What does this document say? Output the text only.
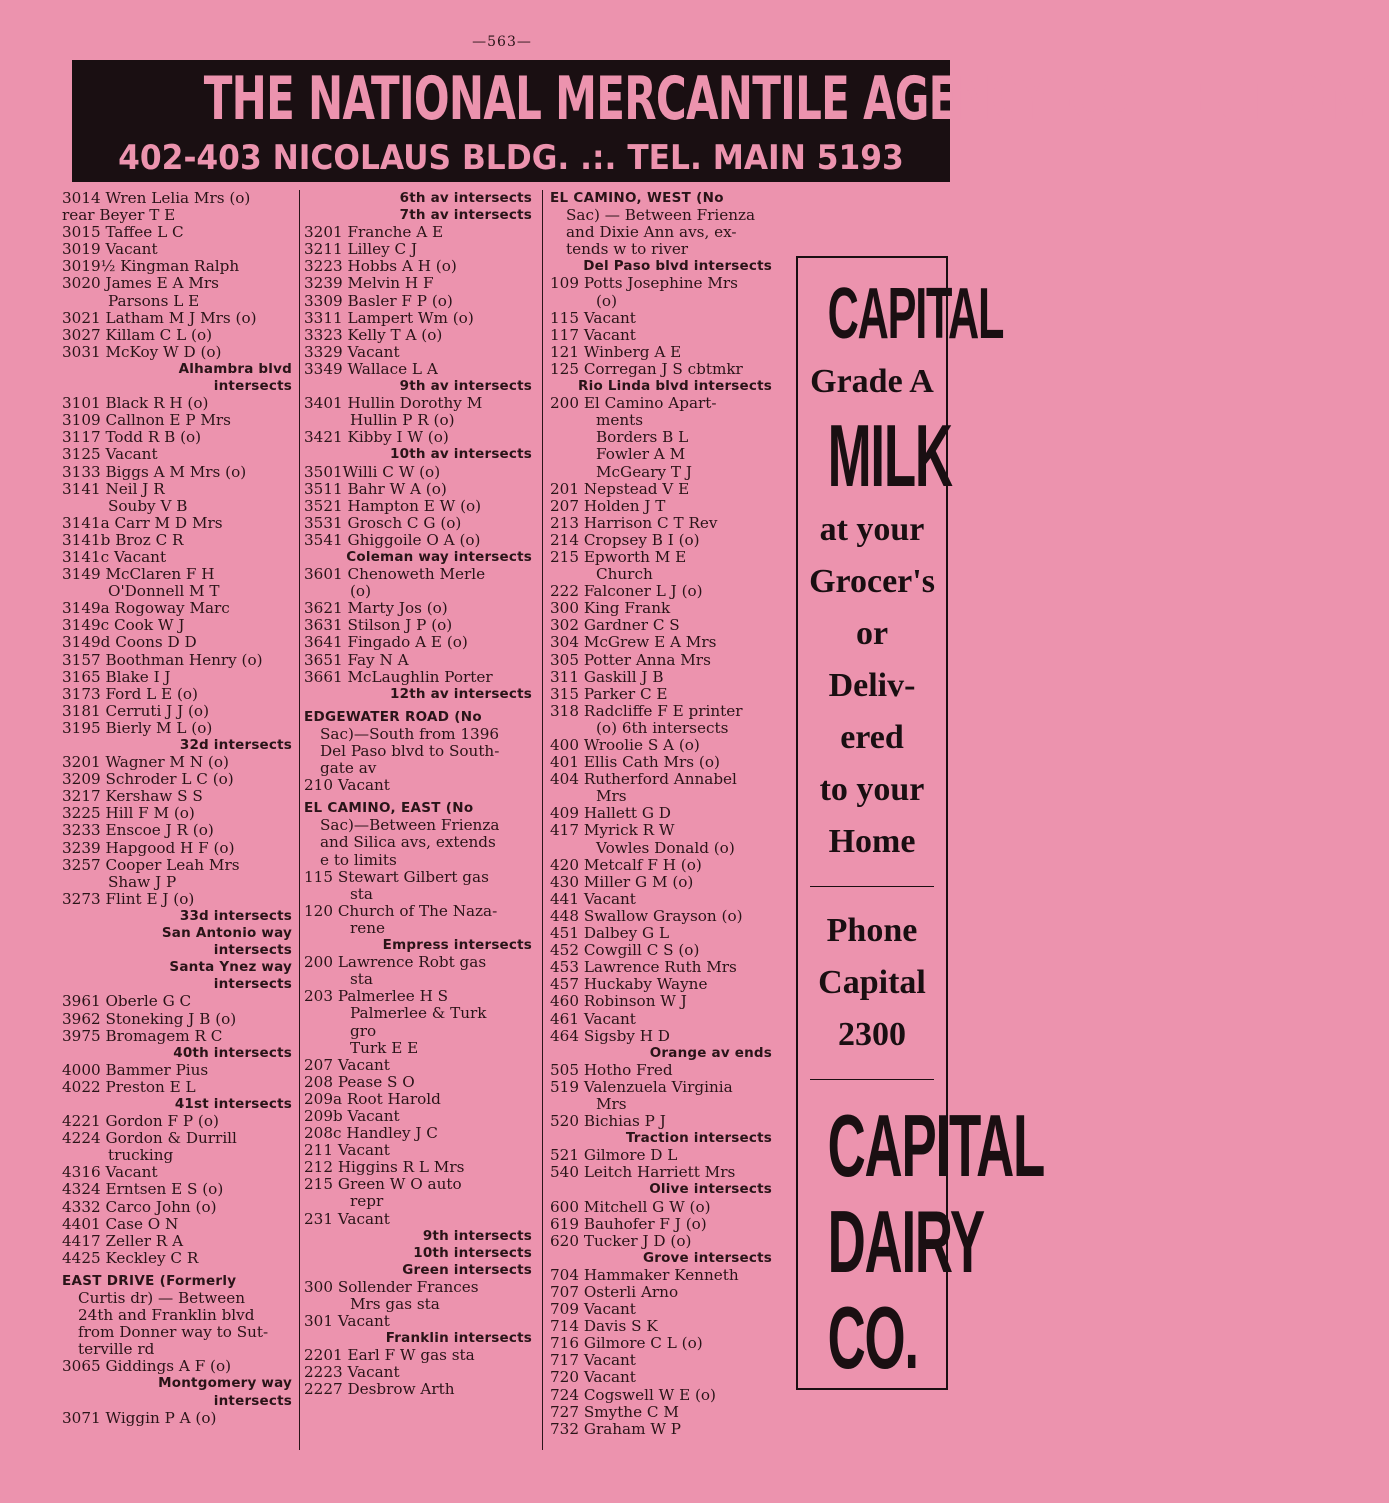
—563—
THE NATIONAL MERCANTILE AGENCY–COLLECTIONS
402-403 NICOLAUS BLDG. .:. TEL. MAIN 5193
3014 Wren Lelia Mrs (o)
rear Beyer T E
3015 Taffee L C
3019 Vacant
3019½ Kingman Ralph
3020 James E A Mrs
Parsons L E
3021 Latham M J Mrs (o)
3027 Killam C L (o)
3031 McKoy W D (o)
Alhambra blvd
intersects
3101 Black R H (o)
3109 Callnon E P Mrs
3117 Todd R B (o)
3125 Vacant
3133 Biggs A M Mrs (o)
3141 Neil J R
Souby V B
3141a Carr M D Mrs
3141b Broz C R
3141c Vacant
3149 McClaren F H
O'Donnell M T
3149a Rogoway Marc
3149c Cook W J
3149d Coons D D
3157 Boothman Henry (o)
3165 Blake I J
3173 Ford L E (o)
3181 Cerruti J J (o)
3195 Bierly M L (o)
32d intersects
3201 Wagner M N (o)
3209 Schroder L C (o)
3217 Kershaw S S
3225 Hill F M (o)
3233 Enscoe J R (o)
3239 Hapgood H F (o)
3257 Cooper Leah Mrs
Shaw J P
3273 Flint E J (o)
33d intersects
San Antonio way
intersects
Santa Ynez way
intersects
3961 Oberle G C
3962 Stoneking J B (o)
3975 Bromagem R C
40th intersects
4000 Bammer Pius
4022 Preston E L
41st intersects
4221 Gordon F P (o)
4224 Gordon & Durrill
trucking
4316 Vacant
4324 Erntsen E S (o)
4332 Carco John (o)
4401 Case O N
4417 Zeller R A
4425 Keckley C R
EAST DRIVE (Formerly
Curtis dr) — Between
24th and Franklin blvd
from Donner way to Sut-
terville rd
3065 Giddings A F (o)
Montgomery way
intersects
3071 Wiggin P A (o)
6th av intersects
7th av intersects
3201 Franche A E
3211 Lilley C J
3223 Hobbs A H (o)
3239 Melvin H F
3309 Basler F P (o)
3311 Lampert Wm (o)
3323 Kelly T A (o)
3329 Vacant
3349 Wallace L A
9th av intersects
3401 Hullin Dorothy M
Hullin P R (o)
3421 Kibby I W (o)
10th av intersects
3501Willi C W (o)
3511 Bahr W A (o)
3521 Hampton E W (o)
3531 Grosch C G (o)
3541 Ghiggoile O A (o)
Coleman way intersects
3601 Chenoweth Merle
(o)
3621 Marty Jos (o)
3631 Stilson J P (o)
3641 Fingado A E (o)
3651 Fay N A
3661 McLaughlin Porter
12th av intersects
EDGEWATER ROAD (No
Sac)—South from 1396
Del Paso blvd to South-
gate av
210 Vacant
EL CAMINO, EAST (No
Sac)—Between Frienza
and Silica avs, extends
e to limits
115 Stewart Gilbert gas
sta
120 Church of The Naza-
rene
Empress intersects
200 Lawrence Robt gas
sta
203 Palmerlee H S
Palmerlee & Turk
gro
Turk E E
207 Vacant
208 Pease S O
209a Root Harold
209b Vacant
208c Handley J C
211 Vacant
212 Higgins R L Mrs
215 Green W O auto
repr
231 Vacant
9th intersects
10th intersects
Green intersects
300 Sollender Frances
Mrs gas sta
301 Vacant
Franklin intersects
2201 Earl F W gas sta
2223 Vacant
2227 Desbrow Arth
EL CAMINO, WEST (No
Sac) — Between Frienza
and Dixie Ann avs, ex-
tends w to river
Del Paso blvd intersects
109 Potts Josephine Mrs
(o)
115 Vacant
117 Vacant
121 Winberg A E
125 Corregan J S cbtmkr
Rio Linda blvd intersects
200 El Camino Apart-
ments
Borders B L
Fowler A M
McGeary T J
201 Nepstead V E
207 Holden J T
213 Harrison C T Rev
214 Cropsey B I (o)
215 Epworth M E
Church
222 Falconer L J (o)
300 King Frank
302 Gardner C S
304 McGrew E A Mrs
305 Potter Anna Mrs
311 Gaskill J B
315 Parker C E
318 Radcliffe F E printer
(o) 6th intersects
400 Wroolie S A (o)
401 Ellis Cath Mrs (o)
404 Rutherford Annabel
Mrs
409 Hallett G D
417 Myrick R W
Vowles Donald (o)
420 Metcalf F H (o)
430 Miller G M (o)
441 Vacant
448 Swallow Grayson (o)
451 Dalbey G L
452 Cowgill C S (o)
453 Lawrence Ruth Mrs
457 Huckaby Wayne
460 Robinson W J
461 Vacant
464 Sigsby H D
Orange av ends
505 Hotho Fred
519 Valenzuela Virginia
Mrs
520 Bichias P J
Traction intersects
521 Gilmore D L
540 Leitch Harriett Mrs
Olive intersects
600 Mitchell G W (o)
619 Bauhofer F J (o)
620 Tucker J D (o)
Grove intersects
704 Hammaker Kenneth
707 Osterli Arno
709 Vacant
714 Davis S K
716 Gilmore C L (o)
717 Vacant
720 Vacant
724 Cogswell W E (o)
727 Smythe C M
732 Graham W P
CAPITAL
Grade A
MILK
at your
Grocer's
or
Deliv-
ered
to your
Home
Phone
Capital
2300
CAPITAL
DAIRY
CO.
